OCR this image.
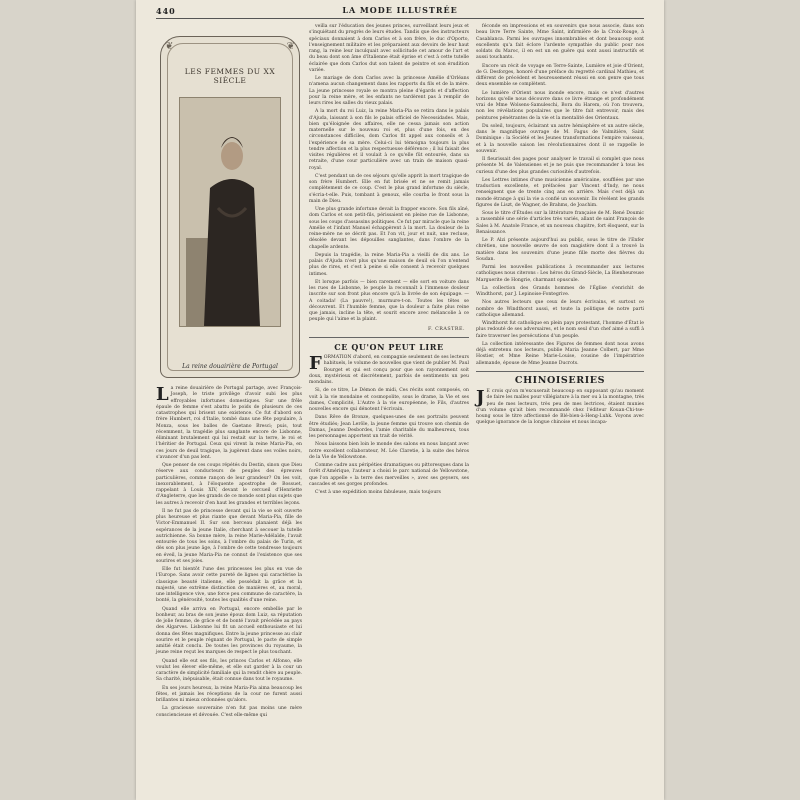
440	LA MODE ILLUSTRÉE

La reine douairière de Portugal partage, avec François-Joseph, le triste privilège d'avoir subi les plus effroyables infortunes domestiques. Sur une frêle épaule de femme s'est abattu le poids de plusieurs de ces catastrophes qui brisent une existence. Ce fut d'abord son frère Humbert, roi d'Italie, tombé dans une fête populaire, à Monza, sous les balles de Gaetano Bresci; puis, tout récemment, la tragédie plus sanglante encore de Lisbonne, éliminant brutalement qui lui restait sur la terre, le roi et l'héritier de Portugal. Ceux qui virent la reine Maria-Pia, en ces jours de deuil tragique, la jugèrent dans ses voiles noirs, s'avancer d'un pas lent.

Que penser de ces coups répétés du Destin, sinon que Dieu réserve aux conducteurs de peuples des épreuves particulières, comme rançon de leur grandeur? On les voit, inexorablement, à l'éloquente apostrophe de Bossuet, rappelant à Louis XIV, devant le cercueil d'Henriette d'Angleterre, que les grands de ce monde sont plus sujets que les autres à recevoir d'en haut les grandes et terribles leçons.

Il ne fut pas de princesse devant qui la vie se soit ouverte plus heureuse et plus riante que devant Maria-Pia, fille de Victor-Emmanuel II. Sur son berceau planaient déjà les espérances de la jeune Italie, cherchant à secouer la tutelle autrichienne. Sa bonne mère, la reine Marie-Adélaïde, l'avait entourée de tous les soins, à l'ombre du palais de Turin, et dès son plus jeune âge, à l'ombre de cette tendresse toujours en éveil, la jeune Maria-Pia ne connut de l'existence que ses sourires et ses joies.

Elle fut bientôt l'une des princesses les plus en vue de l'Europe. Sans avoir cette pureté de lignes qui caractérise la classique beauté italienne, elle possédait la grâce et la majesté, une extrême distinction de manières et, au moral, une intelligence vive, une force peu commune de caractère, la bonté, la générosité, toutes les qualités d'une reine.

Quand elle arriva en Portugal, encore embellie par le bonheur, au bras de son jeune époux dom Luiz, sa réputation de jolie femme, de grâce et de bonté l'avait précédée au pays des Algarves. Lisbonne lui fit un accueil enthousiaste et lui donna des fêtes magnifiques. Entre la jeune princesse au clair sourire et le peuple régnant de Portugal, le pacte de simple amitié était conclu. De toutes les provinces du royaume, la jeune reine reçut les marques de respect le plus touchant.

Quand elle eut ses fils, les princes Carlos et Alfonso, elle voulut les élever elle-même, et elle sut garder à la cour un caractère de simplicité familiale qui la rendit chère au peuple. Sa charité, inépuisable, était connue dans tout le royaume.

En ses jours heureux, la reine Maria-Pia aima beaucoup les fêtes, et jamais les réceptions de la cour ne furent aussi brillantes ni mieux ordonnées qu'alors.

La gracieuse souveraine n'en fut pas moins une mère consciencieuse et dévouée. C'est elle-même qui

❦	❦
LES FEMMES DU XX SIÈCLE
La reine douairière de Portugal

veilla sur l'éducation des jeunes princes, surveillant leurs jeux et s'inquiétant du progrès de leurs études. Tandis que des instructeurs spéciaux donnaient à dom Carlos et à son frère, le duc d'Oporto, l'enseignement militaire et les préparaient aux devoirs de leur haut rang, la reine leur inculquait avec sollicitude cet amour de l'art et du beau dont son âme d'Italienne était éprise et c'est à cette tutelle éclairée que dom Carlos dut son talent de peintre et son érudition variée.

Le mariage de dom Carlos avec la princesse Amélie d'Orléans n'amena aucun changement dans les rapports du fils et de la mère. La jeune princesse royale se montra pleine d'égards et d'affection pour la reine mère, et les enfants ne tardèrent pas à remplir de leurs rires les salles du vieux palais.

A la mort du roi Luiz, la reine Maria-Pia se retira dans le palais d'Ajuda, laissant à son fils le palais officiel de Necessidades. Mais, bien qu'éloignée des affaires, elle ne cessa jamais son action maternelle sur le nouveau roi et, plus d'une fois, en des circonstances difficiles, dom Carlos fit appel aux conseils et à l'expérience de sa mère. Celui-ci lui témoigna toujours la plus tendre affection et la plus respectueuse déférence ; il lui faisait des visites régulières et il voulait à ce qu'elle fût entourée, dans sa retraite, d'une cour particulière avec un train de maison quasi-royal.

C'est pendant un de ces séjours qu'elle apprit la mort tragique de son frère Humbert. Elle en fut brisée et ne se remit jamais complètement de ce coup. C'est le plus grand infortune du siècle, s'écria-t-elle. Puis, tombant à genoux, elle courba le front sous la main de Dieu.

Une plus grande infortune devait la frapper encore. Son fils aîné, dom Carlos et son petit-fils, périssaient en pleine rue de Lisbonne, sous les coups d'assassins politiques. Ce fut par miracle que la reine Amélie et l'infant Manuel échappèrent à la mort. La douleur de la reine-mère ne se décrit pas. Et l'on vit, jour et nuit, une recluse, désolée devant les dépouilles sanglantes, dans l'ombre de la chapelle ardente.

Depuis la tragédie, la reine Maria-Pia a vieilli de dix ans. Le palais d'Ajuda n'est plus qu'une maison de deuil où l'on n'entend plus de rires, et c'est à peine si elle consent à recevoir quelques intimes.

Et lorsque parfois — bien rarement — elle sort en voiture dans les rues de Lisbonne, le peuple la reconnaît à l'immense douleur inscrite sur son front plus encore qu'à la livrée de son équipage. — A coitada! (La pauvre!), murmure-t-on. Toutes les têtes se découvrent. Et l'humble femme, que la douleur a faite plus reine que jamais, incline la tête, et sourit encore avec mélancolie à ce peuple qui l'aime et la plaint.

F. CRASTRE.
CE QU'ON PEUT LIRE

FORMATION d'abord, en compagnie seulement de ses lecteurs habituels, le volume de nouvelles que vient de publier M. Paul Bourget et qui est conçu pour que son rayonnement soit doux, mystérieux et discrètement, parfois de sentiments un peu mondains.

Si, de ce titre, Le Démon de midi, Ces récits sont composés, on voit à la vie mondaine et cosmopolite, sous le drame, la Vie et ses dames, Complicité, L'Autre à la vie européenne, le Fils, d'autres nouvelles encore qui dénotent l'écrivain.

Dans Rêve de Bronze, quelques-unes de ses portraits peuvent être étudiés; Jean Lerôle, la jeune femme qui trouve son chemin de Damas, Jeanne Desbordes, l'amie charitable du malheureux, tous les personnages apportent un trait de vérité.

Nous laissons bien loin le monde des salons en nous lançant avec notre excellent collaborateur, M. Léo Claretie, à la suite des héros de la Vie de Yellowstone.

Comme cadre aux péripéties dramatiques ou pittoresques dans la forêt d'Amérique, l'auteur a choisi le parc national de Yellowstone, que l'on appelle « la terre des merveilles », avec ses geysers, ses cascades et ses gorges profondes.

C'est à une expédition moins fabuleuse, mais toujours

féconde en impressions et en souvenirs que nous associe, dans son beau livre Terre Sainte, Mme Saint, infirmière de la Croix-Rouge, à Casablanca. Parmi les ouvrages innombrables et dont beaucoup sont excellents qu'a fait éclore l'ardente sympathie du public pour nos soldats du Maroc, il en est un en guère qui sont aussi instructifs et aussi touchants.

Encore un récit de voyage en Terre-Sainte, Lumière et joie d'Orient, de G. Desforges, honoré d'une préface du regretté cardinal Mathieu, et différent de précédent et heureusement réussi en son genre que tous deux ensemble se complètent.

Le lumière d'Orient nous inonde encore, mais ce n'est d'autres horizons qu'elle nous découvre dans ce livre étrange et profondément vrai de Mme Wolsens-Samuleschi, Bora du Harem, où l'on trouvera, non les révélations populaires que le titre fait entrevoir, mais des peintures pénétrantes de la vie et la mentalité des Orientaux.

Du soleil, toujours, éclairant un autre hémisphère et un autre siècle, dans le magnifique ouvrage de M. Fagus de Valmitière, Saint Dominique : la Société et les Jeunes transformations l'empire vaisseau, et à la nouvelle saison les révolutionnaires dont il se rappelle le souvenir.

Il fleurissait des pages pour analyser le travail si complet que nous présente M. de Valensienes et je ne puis que recommander à tous les curieux d'une des plus grandes curiosités d'autrefois.

Les Lettres intimes d'une musicienne américaine, soufflées par une traduction excellente, et préfacées par Vincent d'Indy, ne nous renseignent que de trente cinq ans en arrière. Mais c'est déjà un monde étrange à qui la vie a confié un souvenir. Ils révèlent les grands figures de Liszt, de Wagner, de Brahms, de Joachim.

Sous le titre d'Études sur la littérature française de M. René Doumic a rassemblé une série d'articles très variés, allant de saint François de Sales à M. Anatole France, et un nouveau chapitre, fort éloquent, sur la Renaissance.

Le P. Alzi présente aujourd'hui au public, sous le titre de l'Enfer chrétien, une nouvelle œuvre de son magistère dont il a trouvé la matière dans les souvenirs d'une jeune fille morte des fièvres du Soudan.

Parmi les nouvelles publications à recommander aux lectures catholiques nous citerons : Les héros du Grand-Siècle, La Bienheureuse Marguerite de Hongrie, charmant opuscule.

La collection des Grands hommes de l'Église s'enrichit de Windthorst, par J. Lepinoise-Fontegrive.

Nos autres lecteurs que ceux de leurs écrivains, et surtout ce nombre de Windthorst aussi, et toute la politique de notre parti catholique allemand.

Windthorst fut catholique en plein pays protestant, l'homme d'État le plus redouté de ses adversaires, et le nom seul d'un chef aimé a suffi à faire traverser les persécutions d'un peuple.

La collection intéressante des Figures de femmes dont nous avons déjà entretenu nos lecteurs, publie Maria Jeanne Colbert, par Mme Hostier, et Mme Reine Marie-Louise, cousine de l'impératrice allemande, épouse de Mme Jeanne Ducrots.

CHINOISERIES

J E crois qu'on m'excuserait beaucoup en supposant qu'au moment de faire les malles pour villégiature à la mer ou à la montagne, très peu de mes lecteurs, très peu de mes lectrices, étaient munies d'un volume qu'ait bien recommandé chez l'éditeur Kouan-Chi-tse-houng sous le titre affectionné de Blé-bien-à-Heng-Luhk. Voyons avec quelque ignorance de la longue chinoise et nous incapa-
